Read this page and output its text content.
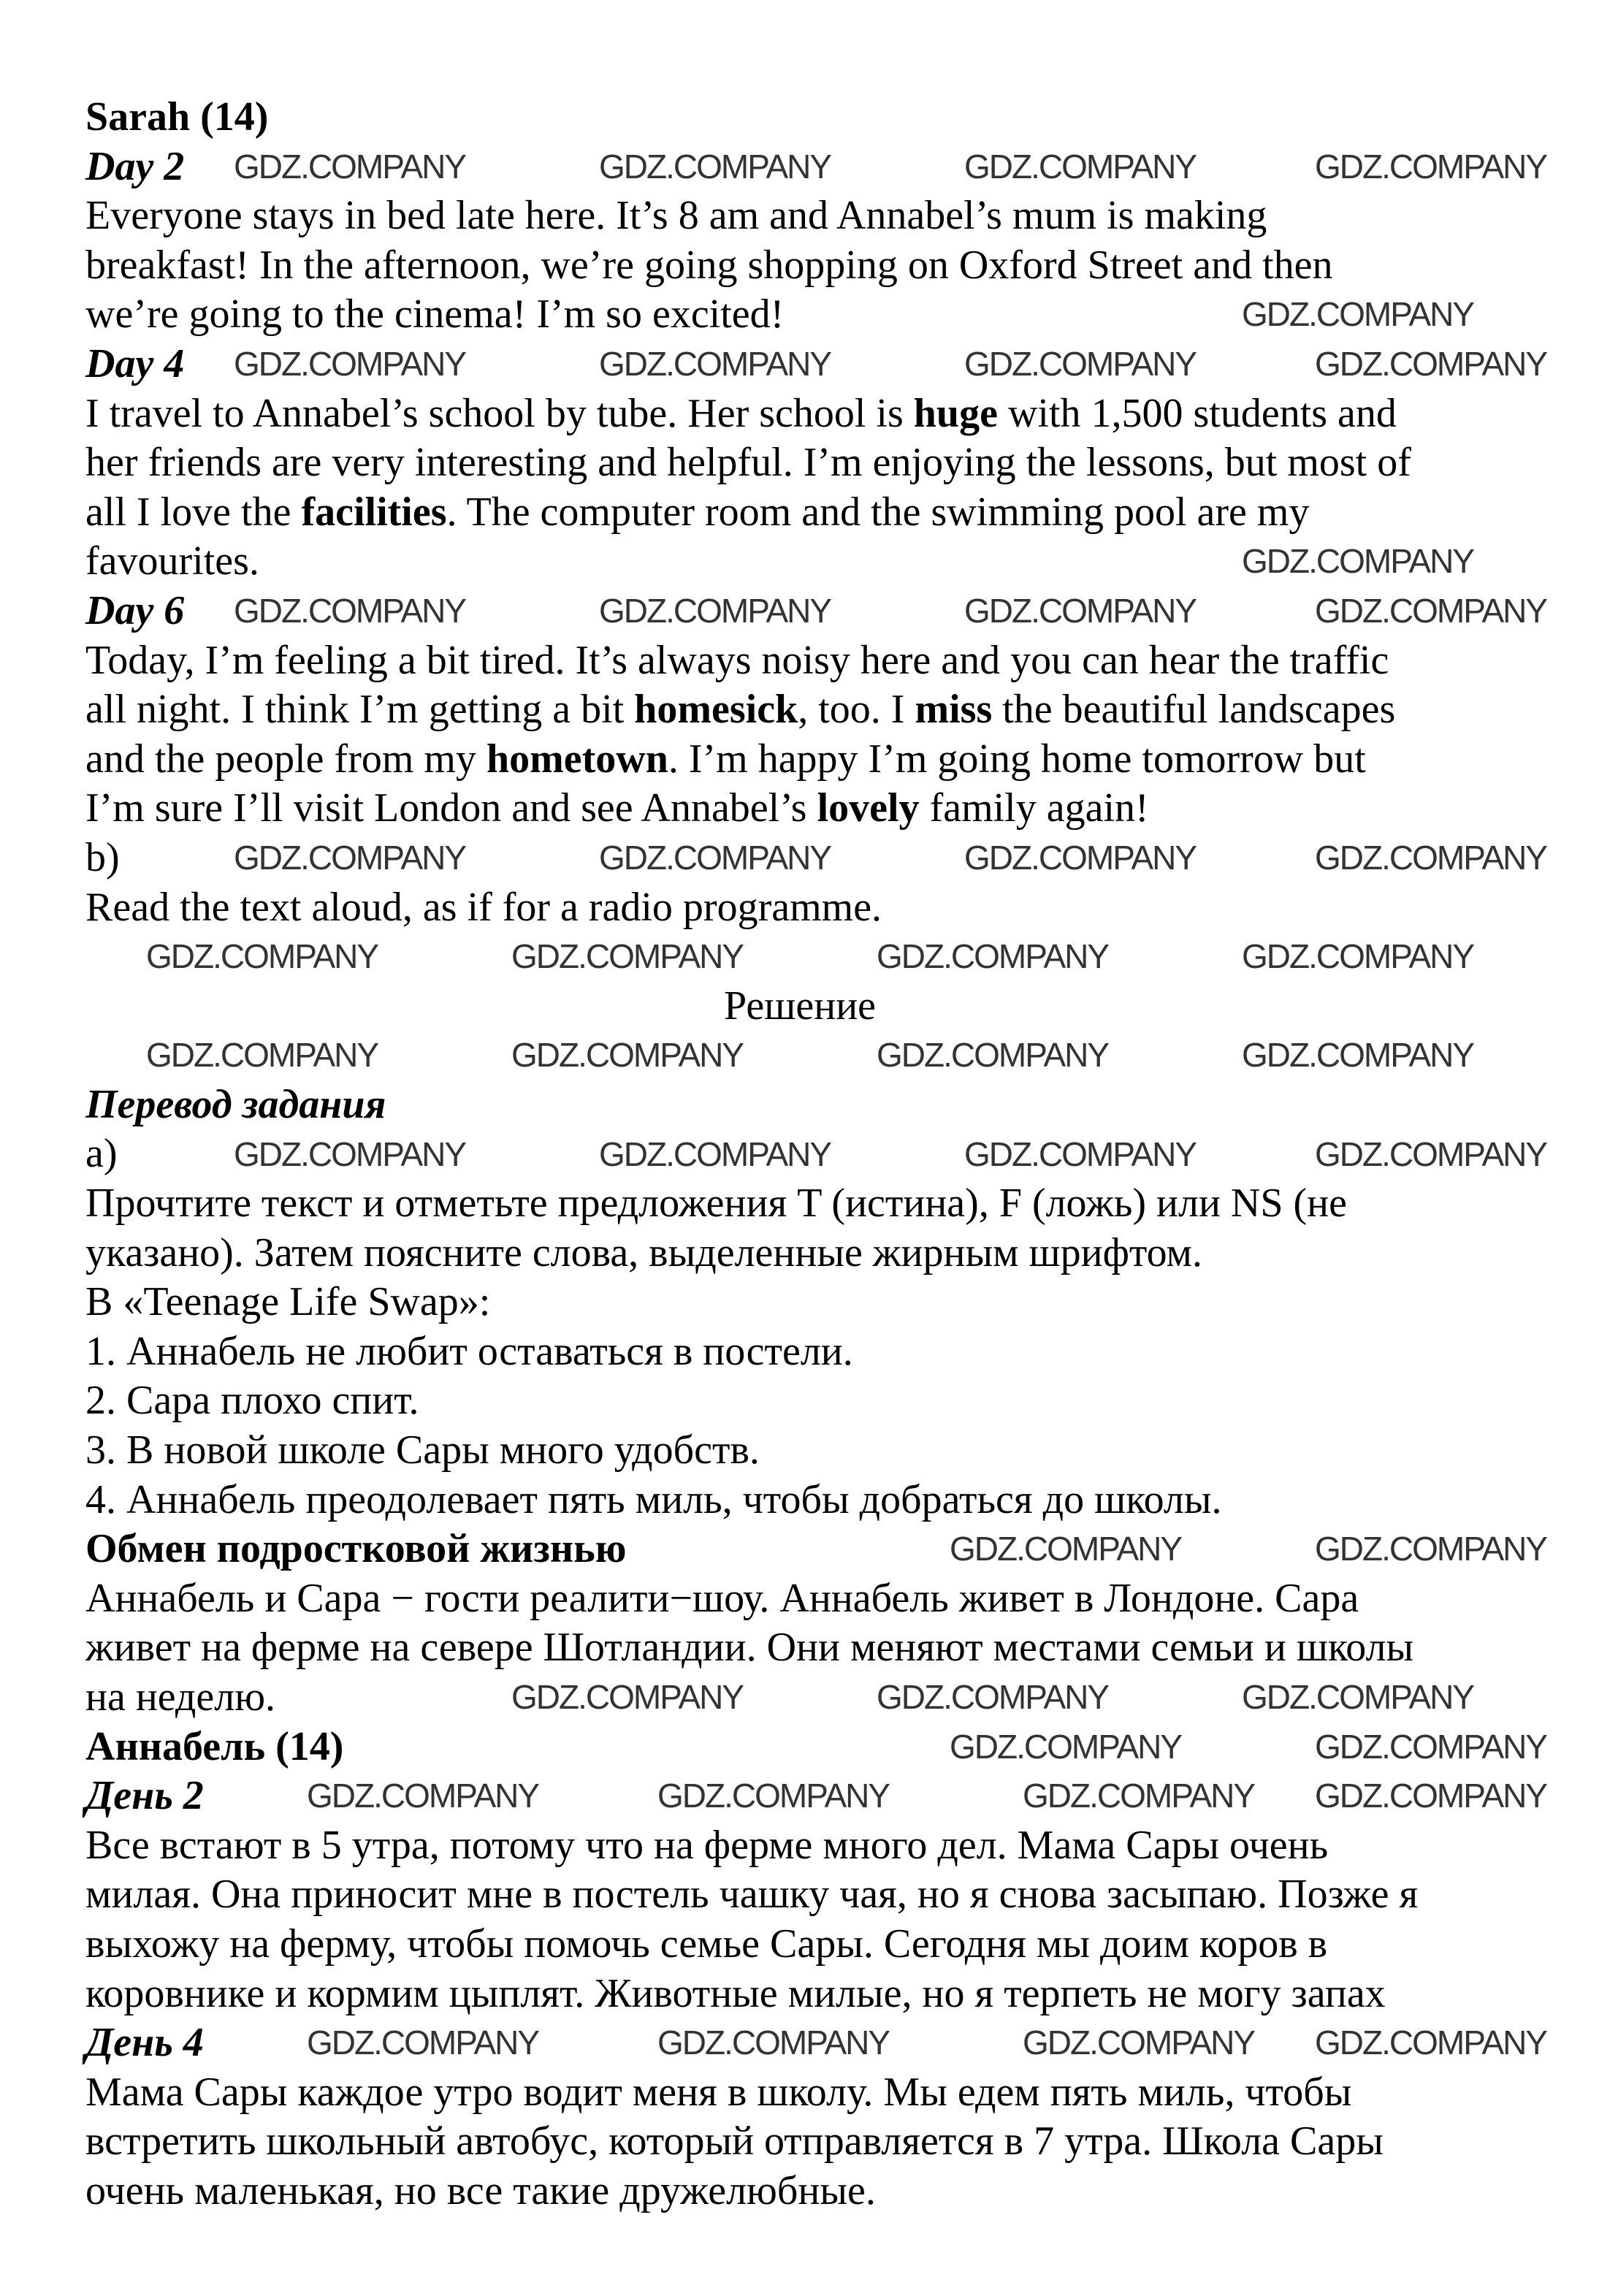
Sarah (14)
Day 2
Everyone stays in bed late here. It’s 8 am and Annabel’s mum is making
breakfast! In the afternoon, we’re going shopping on Oxford Street and then
we’re going to the cinema! I’m so excited!
Day 4
I travel to Annabel’s school by tube. Her school is huge with 1,500 students and
her friends are very interesting and helpful. I’m enjoying the lessons, but most of
all I love the facilities. The computer room and the swimming pool are my
favourites.
Day 6
Today, I’m feeling a bit tired. It’s always noisy here and you can hear the traffic
all night. I think I’m getting a bit homesick, too. I miss the beautiful landscapes
and the people from my hometown. I’m happy I’m going home tomorrow but
I’m sure I’ll visit London and see Annabel’s lovely family again!
b)
Read the text aloud, as if for a radio programme.
Решение
Перевод задания
a)
Прочтите текст и отметьте предложения T (истина), F (ложь) или NS (не
указано). Затем поясните слова, выделенные жирным шрифтом.
В «Teenage Life Swap»:
1. Аннабель не любит оставаться в постели.
2. Сара плохо спит.
3. В новой школе Сары много удобств.
4. Аннабель преодолевает пять миль, чтобы добраться до школы.
Обмен подростковой жизнью
Аннабель и Сара − гости реалити−шоу. Аннабель живет в Лондоне. Сара
живет на ферме на севере Шотландии. Они меняют местами семьи и школы
на неделю.
Аннабель (14)
День 2
Все встают в 5 утра, потому что на ферме много дел. Мама Сары очень
милая. Она приносит мне в постель чашку чая, но я снова засыпаю. Позже я
выхожу на ферму, чтобы помочь семье Сары. Сегодня мы доим коров в
коровнике и кормим цыплят. Животные милые, но я терпеть не могу запах
День 4
Мама Сары каждое утро водит меня в школу. Мы едем пять миль, чтобы
встретить школьный автобус, который отправляется в 7 утра. Школа Сары
очень маленькая, но все такие дружелюбные.
GDZ.COMPANY	GDZ.COMPANY	GDZ.COMPANY	GDZ.COMPANY
GDZ.COMPANY
GDZ.COMPANY	GDZ.COMPANY	GDZ.COMPANY	GDZ.COMPANY
GDZ.COMPANY
GDZ.COMPANY	GDZ.COMPANY	GDZ.COMPANY	GDZ.COMPANY
GDZ.COMPANY	GDZ.COMPANY	GDZ.COMPANY	GDZ.COMPANY
GDZ.COMPANY	GDZ.COMPANY	GDZ.COMPANY	GDZ.COMPANY
GDZ.COMPANY	GDZ.COMPANY	GDZ.COMPANY	GDZ.COMPANY
GDZ.COMPANY	GDZ.COMPANY	GDZ.COMPANY	GDZ.COMPANY
GDZ.COMPANY	GDZ.COMPANY
GDZ.COMPANY	GDZ.COMPANY	GDZ.COMPANY
GDZ.COMPANY	GDZ.COMPANY
GDZ.COMPANY	GDZ.COMPANY	GDZ.COMPANY GDZ.COMPANY
GDZ.COMPANY	GDZ.COMPANY	GDZ.COMPANY GDZ.COMPANY
